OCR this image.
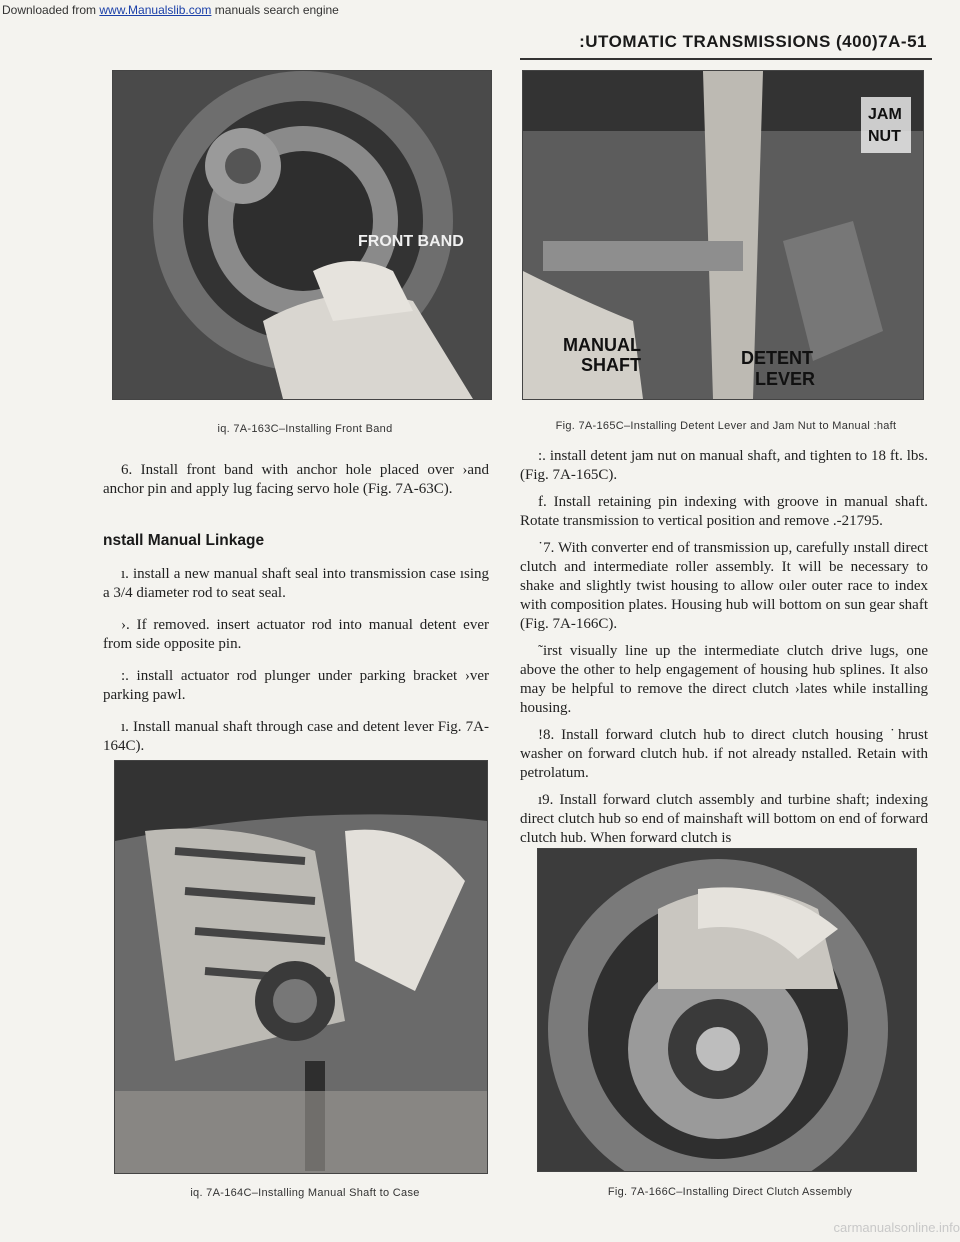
Downloaded from www.Manualslib.com manuals search engine
:UTOMATIC TRANSMISSIONS (400)7A-51
FRONT BAND
iq. 7A-163C–Installing Front Band
JAM
NUT
MANUAL
SHAFT	DETENT
LEVER
Fig. 7A-165C–Installing Detent Lever and Jam Nut to Manual :haft

6. Install front band with anchor hole placed over ›and anchor pin and apply lug facing servo hole (Fig. 7A-63C).

nstall Manual Linkage

ı. install a new manual shaft seal into transmission case ısing a 3/4 diameter rod to seat seal.

›. If removed. insert actuator rod into manual detent ever from side opposite pin.

:. install actuator rod plunger under parking bracket ›ver parking pawl.

ı. Install manual shaft through case and detent lever Fig. 7A-164C).

:. install detent jam nut on manual shaft, and tighten to 18 ft. lbs. (Fig. 7A-165C).

f. Install retaining pin indexing with groove in manual shaft. Rotate transmission to vertical position and remove .-21795.

˙7. With converter end of transmission up, carefully ınstall direct clutch and intermediate roller assembly. It will be necessary to shake and slightly twist housing to allow oıler outer race to index with composition plates. Housing hub will bottom on sun gear shaft (Fig. 7A-166C).

˜irst visually line up the intermediate clutch drive lugs, one above the other to help engagement of housing hub splines. It also may be helpful to remove the direct clutch ›lates while installing housing.

!8. Install forward clutch hub to direct clutch housing ˙hrust washer on forward clutch hub. if not already nstalled. Retain with petrolatum.

ı9. Install forward clutch assembly and turbine shaft; indexing direct clutch hub so end of mainshaft will bottom on end of forward clutch hub. When forward clutch is

iq. 7A-164C–Installing Manual Shaft to Case	Fig. 7A-166C–Installing Direct Clutch Assembly
carmanualsonline.info
